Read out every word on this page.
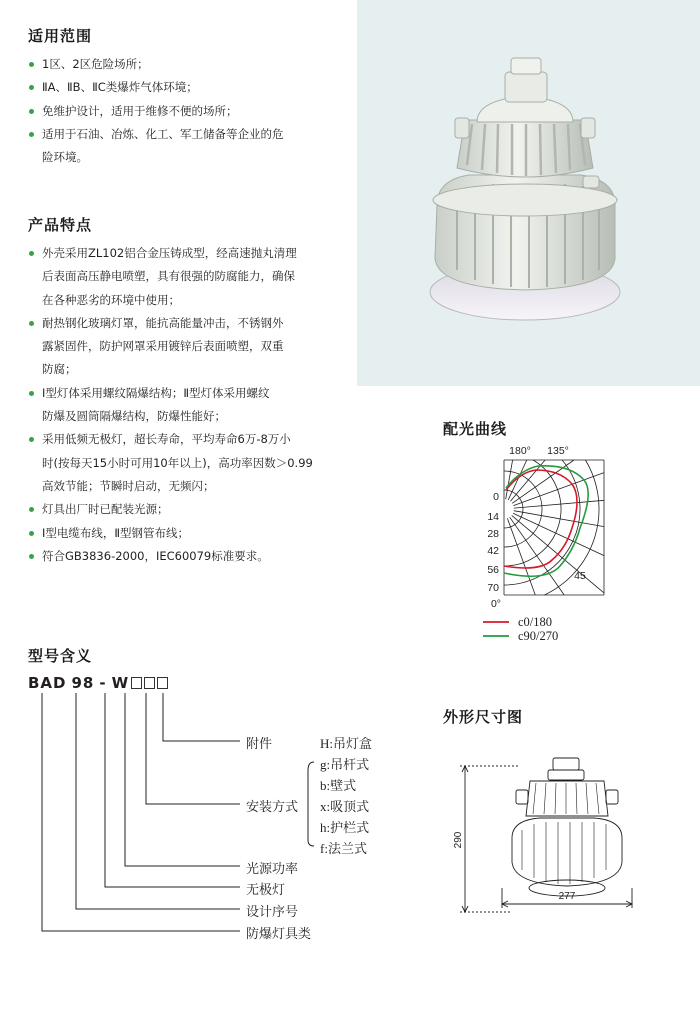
适用范围
1区、2区危险场所；
ⅡA、ⅡB、ⅡC类爆炸气体环境；
免维护设计，适用于维修不便的场所；
适用于石油、冶炼、化工、军工储备等企业的危
险环境。
产品特点
外壳采用ZL102铝合金压铸成型，经高速抛丸清理
后表面高压静电喷塑，具有很强的防腐能力，确保
在各种恶劣的环境中使用；
耐热钢化玻璃灯罩，能抗高能量冲击，不锈钢外
露紧固件，防护网罩采用镀锌后表面喷塑，双重
防腐；
Ⅰ型灯体采用螺纹隔爆结构；Ⅱ型灯体采用螺纹
防爆及圆筒隔爆结构，防爆性能好；
采用低频无极灯，超长寿命，平均寿命6万-8万小
时(按每天15小时可用10年以上)，高功率因数＞0.99
高效节能；节瞬时启动，无频闪；
灯具出厂时已配装光源；
Ⅰ型电缆布线，Ⅱ型钢管布线；
符合GB3836-2000，IEC60079标准要求。
型号含义
BAD 98 - W
附件
安装方式
光源功率
无极灯
设计序号
防爆灯具类
H:吊灯盒
g:吊杆式
b:壁式
x:吸顶式
h:护栏式
f:法兰式
配光曲线
180° 135°
45
0°
0
14
28
42
56
70
c0/180
c90/270
外形尺寸图
290
277
